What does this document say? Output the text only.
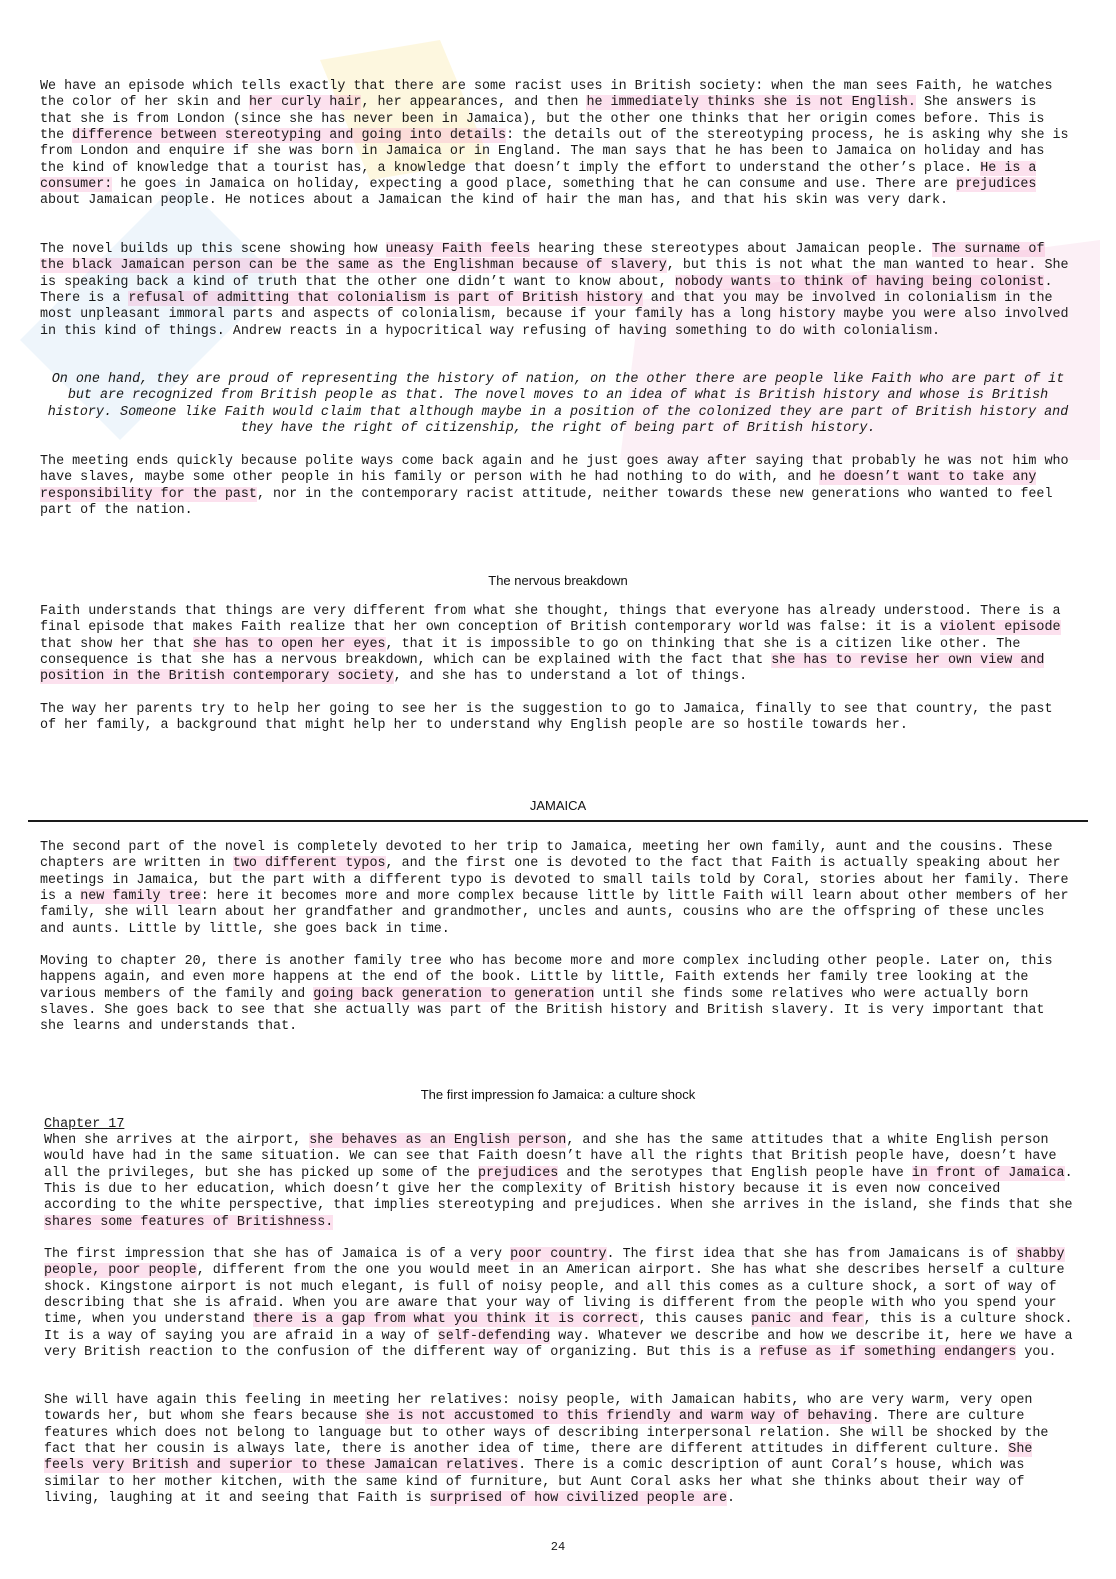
We have an episode which tells exactly that there are some racist uses in British society: when the man sees Faith, he watches the color of her skin and her curly hair, her appearances, and then he immediately thinks she is not English. She answers is that she is from London (since she has never been in Jamaica), but the other one thinks that her origin comes before. This is the difference between stereotyping and going into details: the details out of the stereotyping process, he is asking why she is from London and enquire if she was born in Jamaica or in England. The man says that he has been to Jamaica on holiday and has the kind of knowledge that a tourist has, a knowledge that doesn’t imply the effort to understand the other’s place. He is a consumer: he goes in Jamaica on holiday, expecting a good place, something that he can consume and use. There are prejudices about Jamaican people. He notices about a Jamaican the kind of hair the man has, and that his skin was very dark.

The novel builds up this scene showing how uneasy Faith feels hearing these stereotypes about Jamaican people. The surname of the black Jamaican person can be the same as the Englishman because of slavery, but this is not what the man wanted to hear. She is speaking back a kind of truth that the other one didn’t want to know about, nobody wants to think of having being colonist. There is a refusal of admitting that colonialism is part of British history and that you may be involved in colonialism in the most unpleasant immoral parts and aspects of colonialism, because if your family has a long history maybe you were also involved in this kind of things. Andrew reacts in a hypocritical way refusing of having something to do with colonialism.

On one hand, they are proud of representing the history of nation, on the other there are people like Faith who are part of it but are recognized from British people as that. The novel moves to an idea of what is British history and whose is British history. Someone like Faith would claim that although maybe in a position of the colonized they are part of British history and they have the right of citizenship, the right of being part of British history.

The meeting ends quickly because polite ways come back again and he just goes away after saying that probably he was not him who have slaves, maybe some other people in his family or person with he had nothing to do with, and he doesn’t want to take any responsibility for the past, nor in the contemporary racist attitude, neither towards these new generations who wanted to feel part of the nation.

The nervous breakdown

Faith understands that things are very different from what she thought, things that everyone has already understood. There is a final episode that makes Faith realize that her own conception of British contemporary world was false: it is a violent episode that show her that she has to open her eyes, that it is impossible to go on thinking that she is a citizen like other. The consequence is that she has a nervous breakdown, which can be explained with the fact that she has to revise her own view and position in the British contemporary society, and she has to understand a lot of things.

The way her parents try to help her going to see her is the suggestion to go to Jamaica, finally to see that country, the past of her family, a background that might help her to understand why English people are so hostile towards her.

JAMAICA

The second part of the novel is completely devoted to her trip to Jamaica, meeting her own family, aunt and the cousins. These chapters are written in two different typos, and the first one is devoted to the fact that Faith is actually speaking about her meetings in Jamaica, but the part with a different typo is devoted to small tails told by Coral, stories about her family. There is a new family tree: here it becomes more and more complex because little by little Faith will learn about other members of her family, she will learn about her grandfather and grandmother, uncles and aunts, cousins who are the offspring of these uncles and aunts. Little by little, she goes back in time.

Moving to chapter 20, there is another family tree who has become more and more complex including other people. Later on, this happens again, and even more happens at the end of the book. Little by little, Faith extends her family tree looking at the various members of the family and going back generation to generation until she finds some relatives who were actually born slaves. She goes back to see that she actually was part of the British history and British slavery. It is very important that she learns and understands that.

The first impression fo Jamaica: a culture shock
Chapter 17

When she arrives at the airport, she behaves as an English person, and she has the same attitudes that a white English person would have had in the same situation. We can see that Faith doesn’t have all the rights that British people have, doesn’t have all the privileges, but she has picked up some of the prejudices and the serotypes that English people have in front of Jamaica. This is due to her education, which doesn’t give her the complexity of British history because it is even now conceived according to the white perspective, that implies stereotyping and prejudices. When she arrives in the island, she finds that she shares some features of Britishness.

The first impression that she has of Jamaica is of a very poor country. The first idea that she has from Jamaicans is of shabby people, poor people, different from the one you would meet in an American airport. She has what she describes herself a culture shock. Kingstone airport is not much elegant, is full of noisy people, and all this comes as a culture shock, a sort of way of describing that she is afraid. When you are aware that your way of living is different from the people with who you spend your time, when you understand there is a gap from what you think it is correct, this causes panic and fear, this is a culture shock. It is a way of saying you are afraid in a way of self-defending way. Whatever we describe and how we describe it, here we have a very British reaction to the confusion of the different way of organizing. But this is a refuse as if something endangers you.

She will have again this feeling in meeting her relatives: noisy people, with Jamaican habits, who are very warm, very open towards her, but whom she fears because she is not accustomed to this friendly and warm way of behaving. There are culture features which does not belong to language but to other ways of describing interpersonal relation. She will be shocked by the fact that her cousin is always late, there is another idea of time, there are different attitudes in different culture. She feels very British and superior to these Jamaican relatives. There is a comic description of aunt Coral’s house, which was similar to her mother kitchen, with the same kind of furniture, but Aunt Coral asks her what she thinks about their way of living, laughing at it and seeing that Faith is surprised of how civilized people are.

24
